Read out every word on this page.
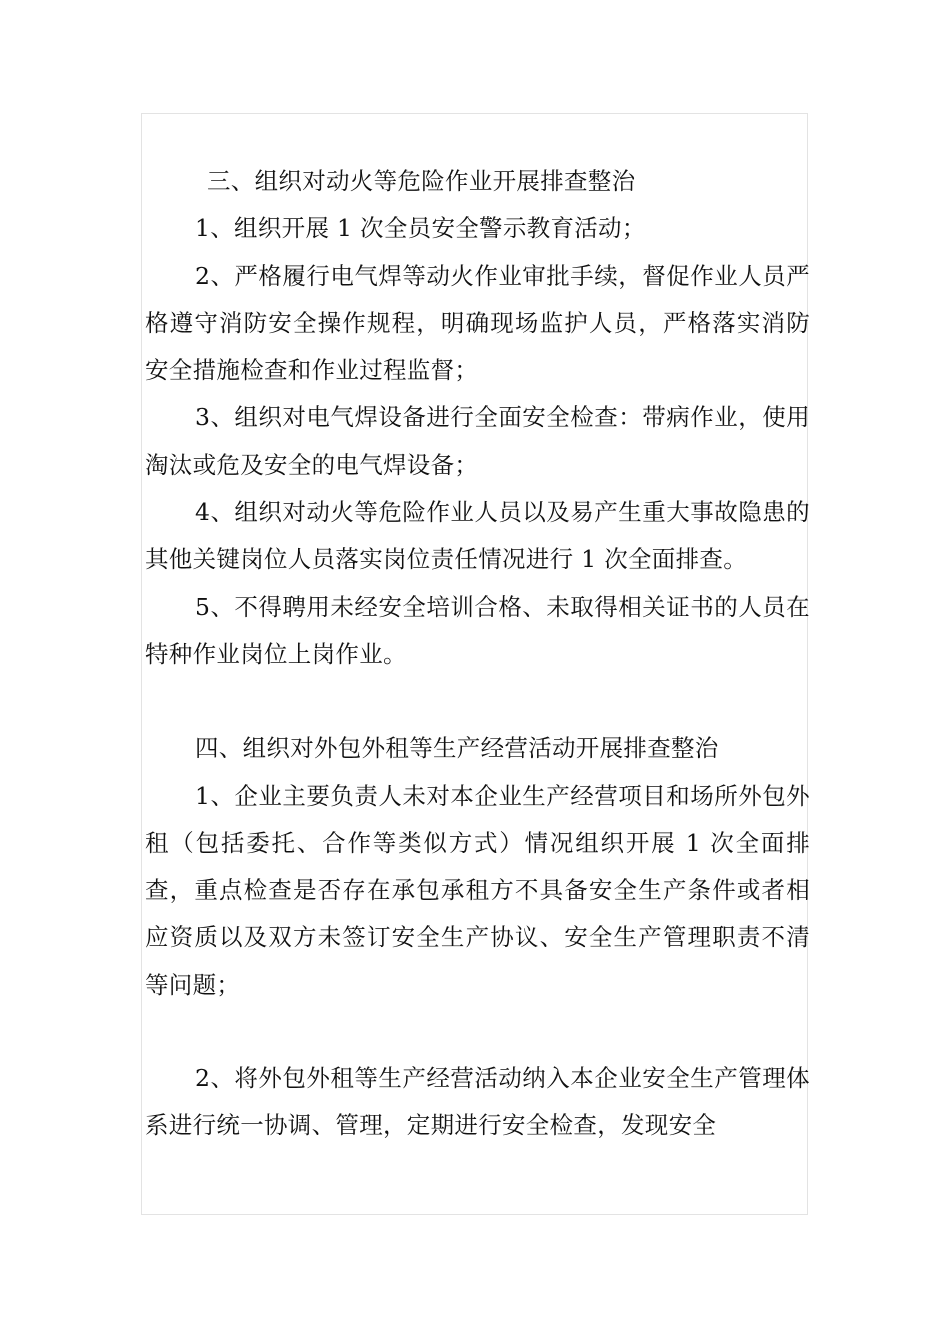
三、组织对动火等危险作业开展排查整治

1、组织开展 1 次全员安全警示教育活动；

2、严格履行电气焊等动火作业审批手续，督促作业人员严格遵守消防安全操作规程，明确现场监护人员，严格落实消防安全措施检查和作业过程监督；

3、组织对电气焊设备进行全面安全检查：带病作业，使用淘汰或危及安全的电气焊设备；

4、组织对动火等危险作业人员以及易产生重大事故隐患的其他关键岗位人员落实岗位责任情况进行 1 次全面排查。

5、不得聘用未经安全培训合格、未取得相关证书的人员在特种作业岗位上岗作业。

四、组织对外包外租等生产经营活动开展排查整治

1、企业主要负责人未对本企业生产经营项目和场所外包外租（包括委托、合作等类似方式）情况组织开展 1 次全面排查，重点检查是否存在承包承租方不具备安全生产条件或者相应资质以及双方未签订安全生产协议、安全生产管理职责不清等问题；

2、将外包外租等生产经营活动纳入本企业安全生产管理体系进行统一协调、管理，定期进行安全检查，发现安全
